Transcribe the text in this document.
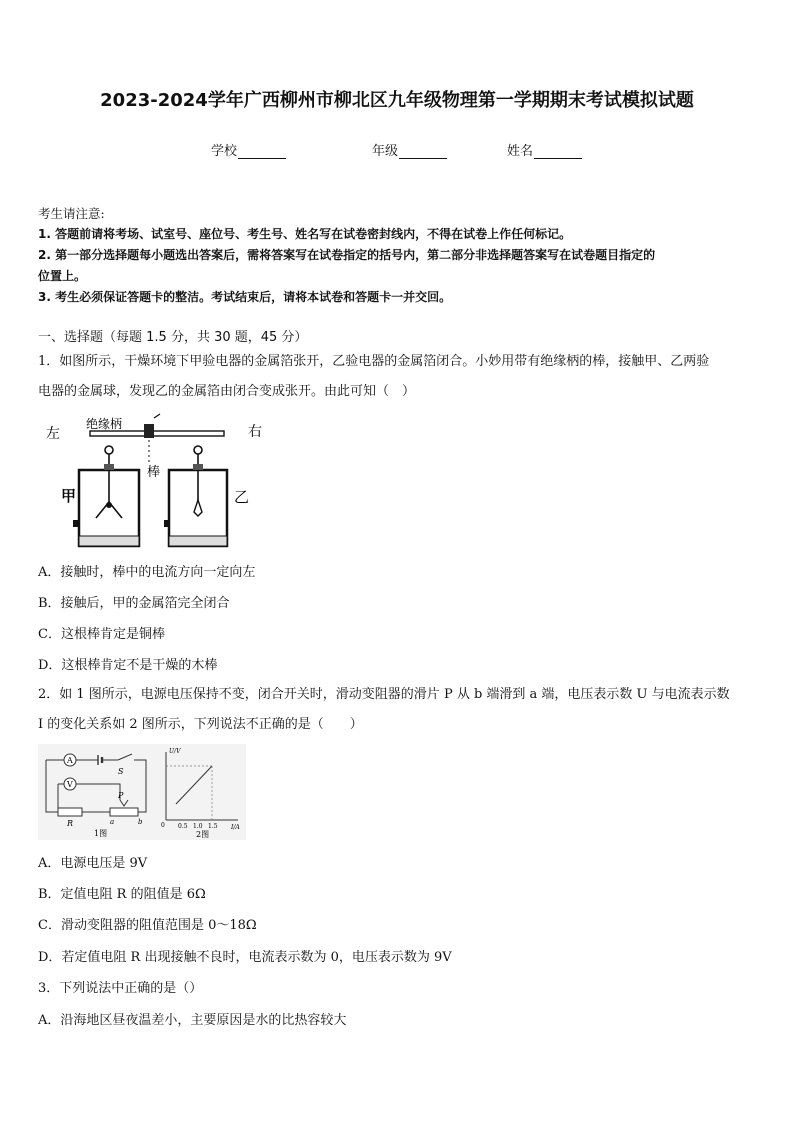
2023-2024学年广西柳州市柳北区九年级物理第一学期期末考试模拟试题
学校	年级	姓名
考生请注意:
1. 答题前请将考场、试室号、座位号、考生号、姓名写在试卷密封线内，不得在试卷上作任何标记。
2. 第一部分选择题每小题选出答案后，需将答案写在试卷指定的括号内，第二部分非选择题答案写在试卷题目指定的
位置上。
3. 考生必须保证答题卡的整洁。考试结束后，请将本试卷和答题卡一并交回。
一、选择题（每题 1.5 分，共 30 题，45 分）
1．如图所示，干燥环境下甲验电器的金属箔张开，乙验电器的金属箔闭合。小妙用带有绝缘柄的棒，接触甲、乙两验
电器的金属球，发现乙的金属箔由闭合变成张开。由此可知（　）
左	右
绝缘柄
棒
甲	乙
A．接触时，棒中的电流方向一定向左
B．接触后，甲的金属箔完全闭合
C．这根棒肯定是铜棒
D．这根棒肯定不是干燥的木棒
2．如 1 图所示，电源电压保持不变，闭合开关时，滑动变阻器的滑片 P 从 b 端滑到 a 端，电压表示数 U 与电流表示数
I 的变化关系如 2 图所示，下列说法不正确的是（　　）
A
S
V
R
P
a	b
1图
U/V
I/A
0 0.5 1.0 1.5
2图
A．电源电压是 9V
B．定值电阻 R 的阻值是 6Ω
C．滑动变阻器的阻值范围是 0～18Ω
D．若定值电阻 R 出现接触不良时，电流表示数为 0，电压表示数为 9V
3．下列说法中正确的是（）
A．沿海地区昼夜温差小，主要原因是水的比热容较大
